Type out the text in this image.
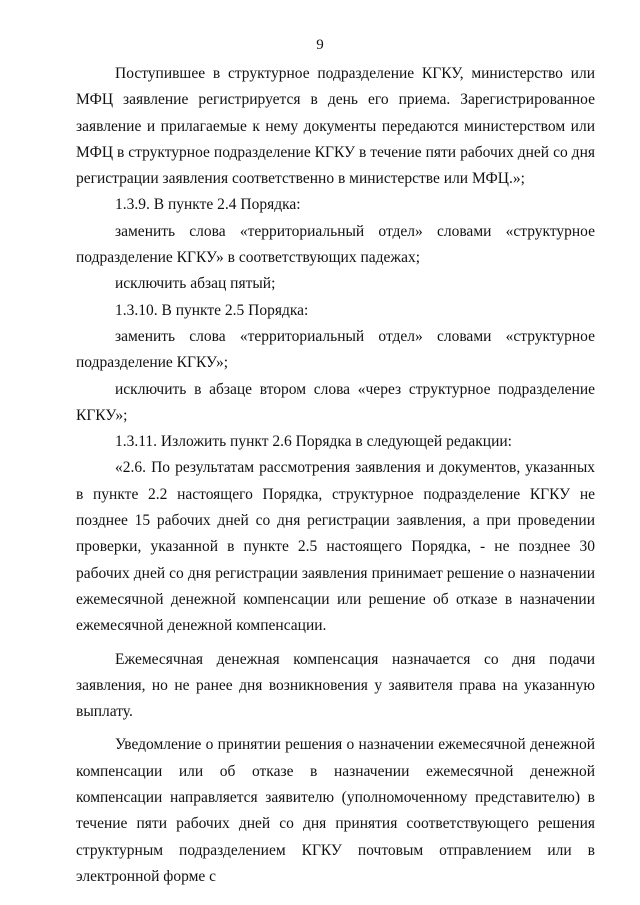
9

Поступившее в структурное подразделение КГКУ, министерство или МФЦ заявление регистрируется в день его приема. Зарегистрированное заявление и прилагаемые к нему документы передаются министерством или МФЦ в структурное подразделение КГКУ в течение пяти рабочих дней со дня регистрации заявления соответственно в министерстве или МФЦ.»;

1.3.9. В пункте 2.4 Порядка:

заменить слова «территориальный отдел» словами «структурное подразделение КГКУ» в соответствующих падежах;

исключить абзац пятый;

1.3.10. В пункте 2.5 Порядка:

заменить слова «территориальный отдел» словами «структурное подразделение КГКУ»;

исключить в абзаце втором слова «через структурное подразделение КГКУ»;

1.3.11. Изложить пункт 2.6 Порядка в следующей редакции:

«2.6. По результатам рассмотрения заявления и документов, указанных в пункте 2.2 настоящего Порядка, структурное подразделение КГКУ не позднее 15 рабочих дней со дня регистрации заявления, а при проведении проверки, указанной в пункте 2.5 настоящего Порядка, - не позднее 30 рабочих дней со дня регистрации заявления принимает решение о назначении ежемесячной денежной компенсации или решение об отказе в назначении ежемесячной денежной компенсации.

Ежемесячная денежная компенсация назначается со дня подачи заявления, но не ранее дня возникновения у заявителя права на указанную выплату.

Уведомление о принятии решения о назначении ежемесячной денежной компенсации или об отказе в назначении ежемесячной денежной компенсации направляется заявителю (уполномоченному представителю) в течение пяти рабочих дней со дня принятия соответствующего решения структурным подразделением КГКУ почтовым отправлением или в электронной форме с
